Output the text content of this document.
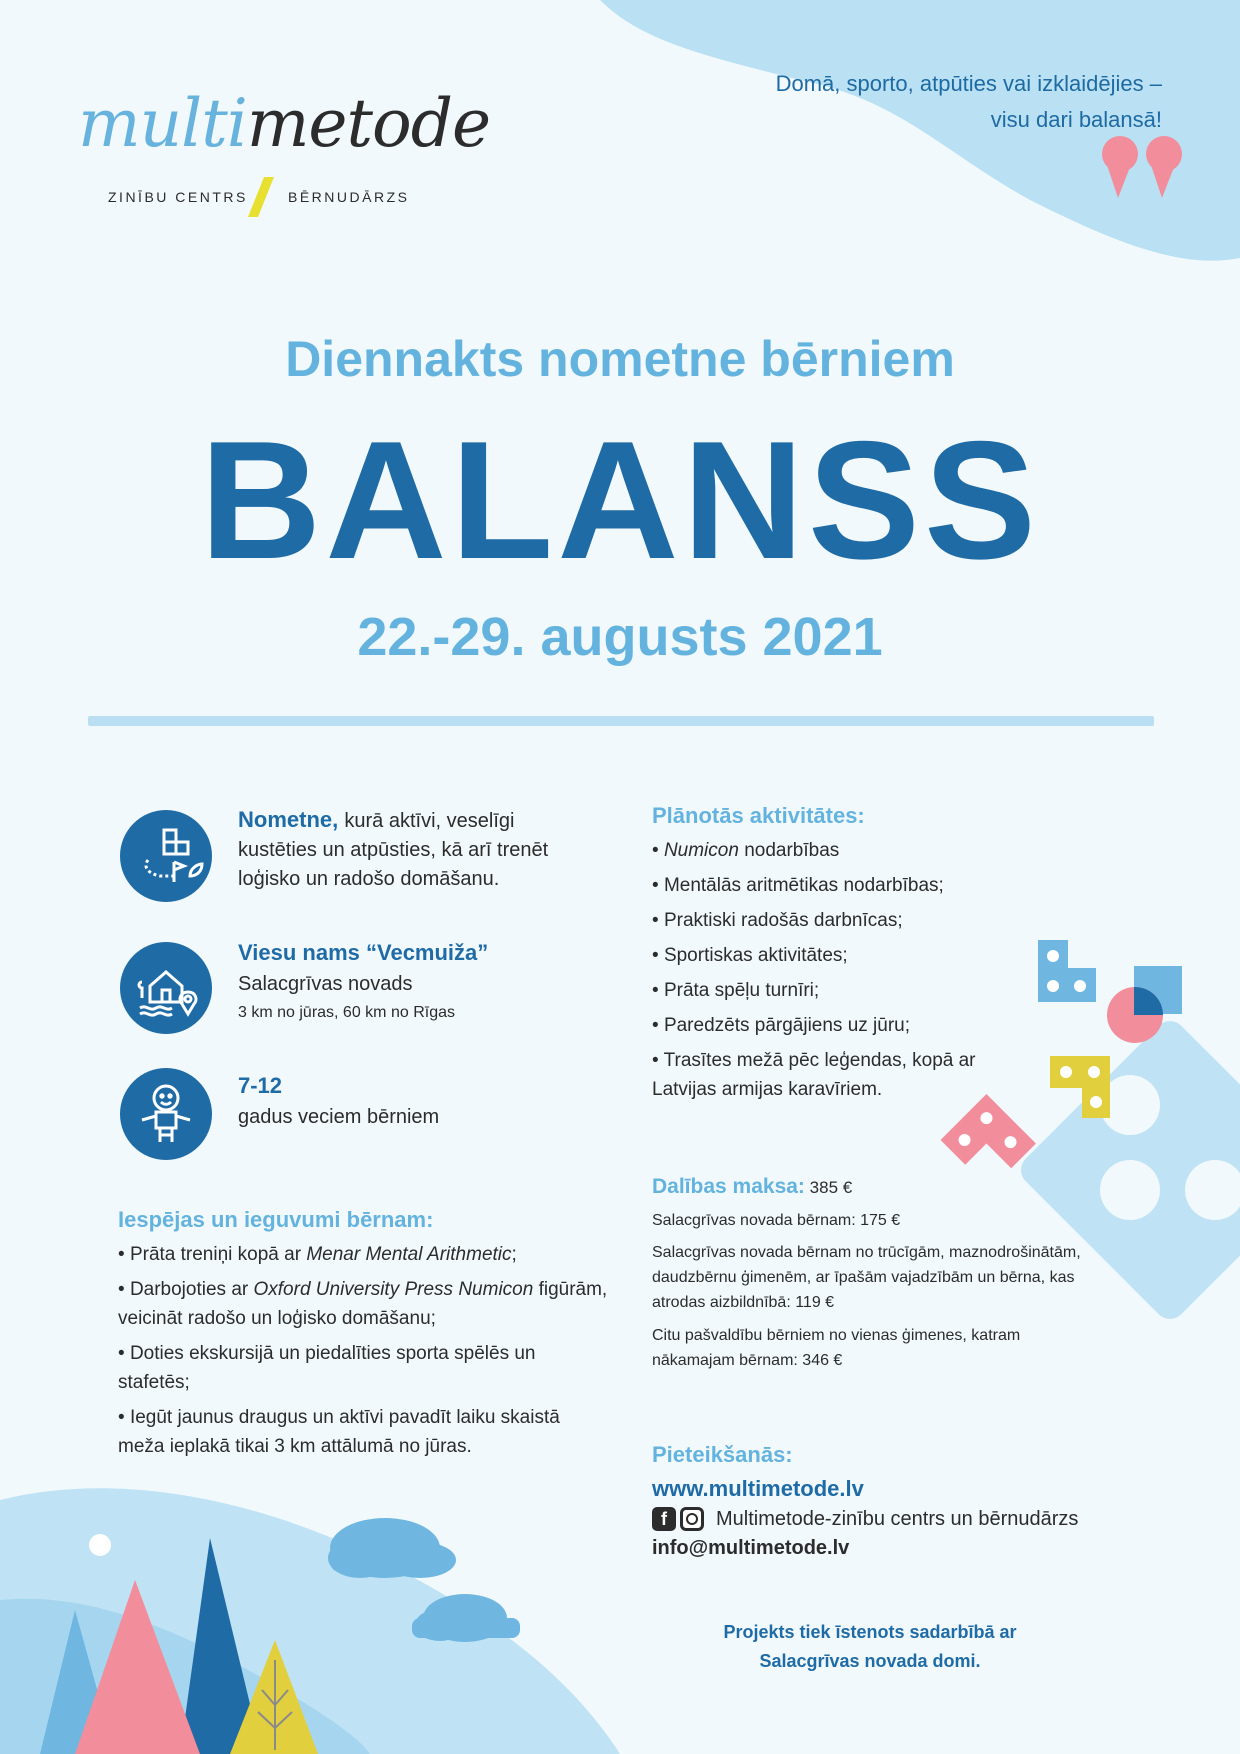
multimetode
ZINĪBU CENTRS	BĒRNUDĀRZS
Domā, sporto, atpūties vai izklaidējies –
visu dari balansā!
Diennakts nometne bērniem
BALANSS
22.-29. augusts 2021
Nometne, kurā aktīvi, veselīgi
kustēties un atpūsties, kā arī trenēt
loģisko un radošo domāšanu.
Viesu nams “Vecmuiža”
Salacgrīvas novads
3 km no jūras, 60 km no Rīgas
7-12
gadus veciem bērniem
Iespējas un ieguvumi bērnam:
• Prāta treniņi kopā ar Menar Mental Arithmetic;
• Darbojoties ar Oxford University Press Numicon figūrām, veicināt radošo un loģisko domāšanu;
• Doties ekskursijā un piedalīties sporta spēlēs un stafetēs;
• Iegūt jaunus draugus un aktīvi pavadīt laiku skaistā meža ieplakā tikai 3 km attālumā no jūras.
Plānotās aktivitātes:
• Numicon nodarbības
• Mentālās aritmētikas nodarbības;
• Praktiski radošās darbnīcas;
• Sportiskas aktivitātes;
• Prāta spēļu turnīri;
• Paredzēts pārgājiens uz jūru;
• Trasītes mežā pēc leģendas, kopā ar Latvijas armijas karavīriem.
Dalības maksa: 385 €
Salacgrīvas novada bērnam: 175 €
Salacgrīvas novada bērnam no trūcīgām, maznodrošinātām,
daudzbērnu ģimenēm, ar īpašām vajadzībām un bērna, kas
atrodas aizbildnībā: 119 €
Citu pašvaldību bērniem no vienas ģimenes, katram
nākamajam bērnam: 346 €
Pieteikšanās:
www.multimetode.lv
f	Multimetode-zinību centrs un bērnudārzs
info@multimetode.lv
Projekts tiek īstenots sadarbībā ar
Salacgrīvas novada domi.
